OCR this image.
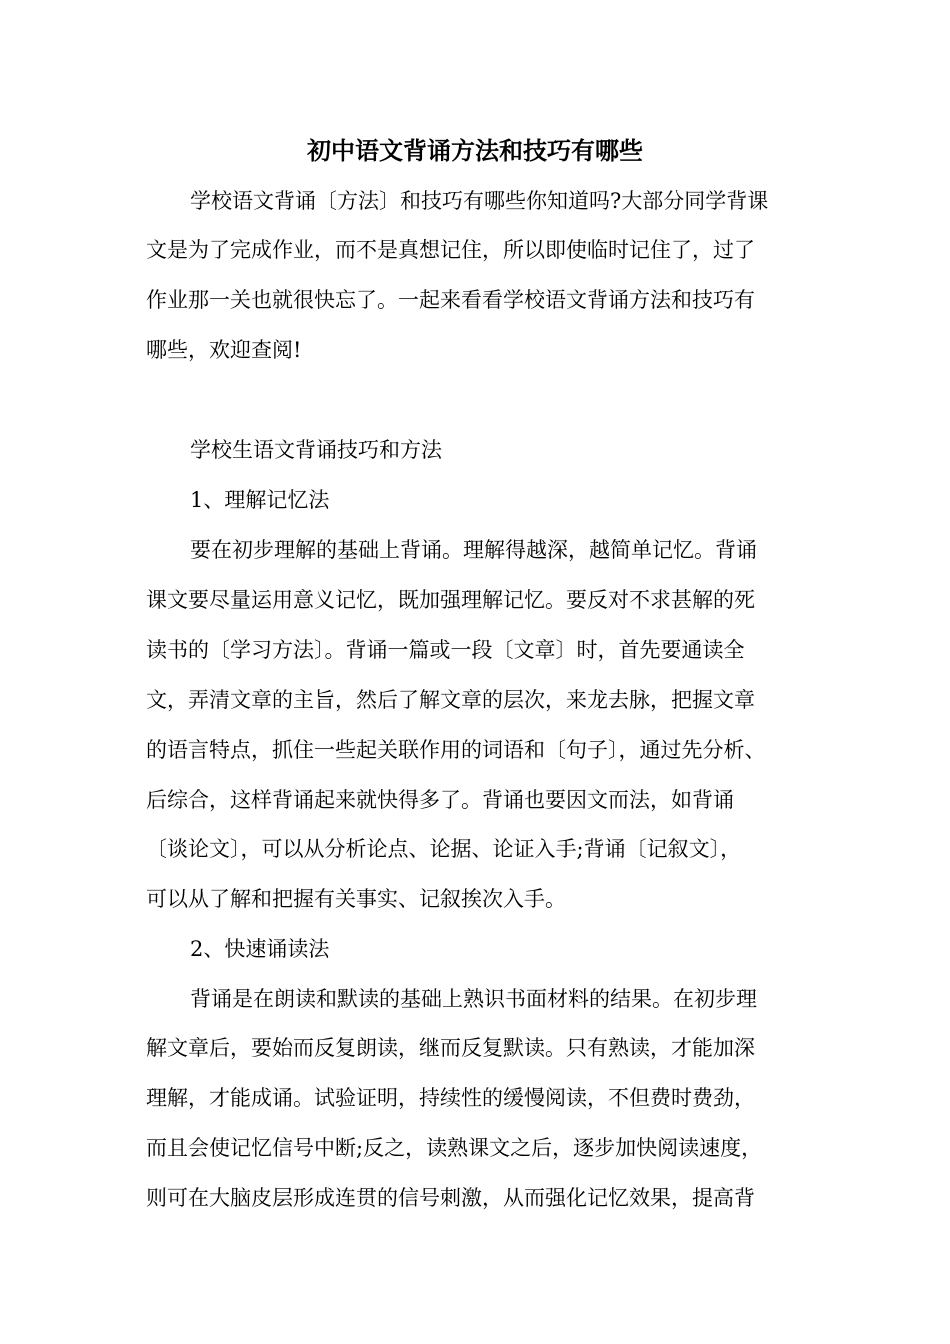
初中语文背诵方法和技巧有哪些

学校语文背诵〔方法〕和技巧有哪些你知道吗?大部分同学背课

文是为了完成作业，而不是真想记住，所以即使临时记住了，过了

作业那一关也就很快忘了。一起来看看学校语文背诵方法和技巧有

哪些，欢迎查阅!

学校生语文背诵技巧和方法

1、理解记忆法

要在初步理解的基础上背诵。理解得越深，越简单记忆。背诵

课文要尽量运用意义记忆，既加强理解记忆。要反对不求甚解的死

读书的〔学习方法〕。背诵一篇或一段〔文章〕时，首先要通读全

文，弄清文章的主旨，然后了解文章的层次，来龙去脉，把握文章

的语言特点，抓住一些起关联作用的词语和〔句子〕，通过先分析、

后综合，这样背诵起来就快得多了。背诵也要因文而法，如背诵

〔谈论文〕，可以从分析论点、论据、论证入手;背诵〔记叙文〕，

可以从了解和把握有关事实、记叙挨次入手。

2、快速诵读法

背诵是在朗读和默读的基础上熟识书面材料的结果。在初步理

解文章后，要始而反复朗读，继而反复默读。只有熟读，才能加深

理解，才能成诵。试验证明，持续性的缓慢阅读，不但费时费劲，

而且会使记忆信号中断;反之，读熟课文之后，逐步加快阅读速度，

则可在大脑皮层形成连贯的信号刺激，从而强化记忆效果，提高背
